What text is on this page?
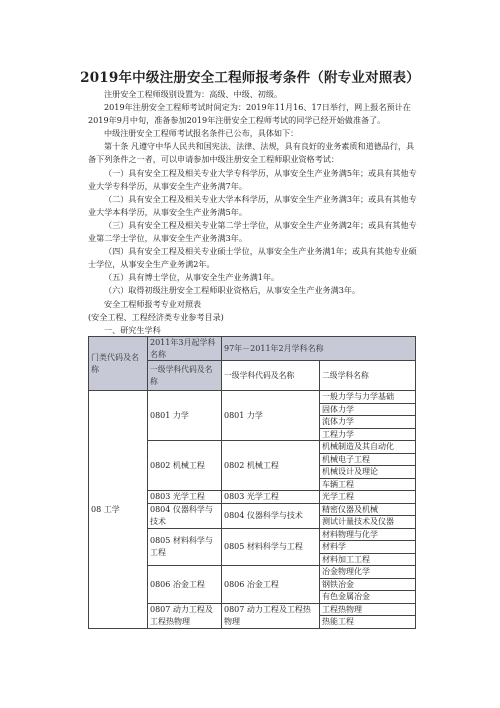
2019年中级注册安全工程师报考条件（附专业对照表）

注册安全工程师级别设置为：高级、中级、初级。

2019年注册安全工程师考试时间定为：2019年11月16、17日举行，网上报名预计在2019年9月中旬，准备参加2019年注册安全工程师考试的同学已经开始做准备了。

中级注册安全工程师考试报名条件已公布，具体如下：

第十条 凡遵守中华人民共和国宪法、法律、法规，具有良好的业务素质和道德品行，具备下列条件之一者，可以申请参加中级注册安全工程师职业资格考试：

（一）具有安全工程及相关专业大学专科学历，从事安全生产业务满5年；或具有其他专业大学专科学历，从事安全生产业务满7年。

（二）具有安全工程及相关专业大学本科学历，从事安全生产业务满3年；或具有其他专业大学本科学历，从事安全生产业务满5年。

（三）具有安全工程及相关专业第二学士学位，从事安全生产业务满2年；或具有其他专业第二学士学位，从事安全生产业务满3年。

（四）具有安全工程及相关专业硕士学位，从事安全生产业务满1年；或具有其他专业硕士学位，从事安全生产业务满2年。

（五）具有博士学位，从事安全生产业务满1年。

（六）取得初级注册安全工程师职业资格后，从事安全生产业务满3年。

安全工程师报考专业对照表

(安全工程、工程经济类专业参考目录)

一、研究生学科

门类代码及名称	2011年3月起学科名称	97年－2011年2月学科名称	
	一级学科代码及名称	一级学科代码及名称	二级学科名称
08 工学	0801 力学	0801 力学	一般力学与力学基础
			固体力学
			流体力学
			工程力学
	0802 机械工程	0802 机械工程	机械制造及其自动化
			机械电子工程
			机械设计及理论
			车辆工程
	0803 光学工程	0803 光学工程	光学工程
	0804 仪器科学与技术	0804 仪器科学与技术	精密仪器及机械
			测试计量技术及仪器
	0805 材料科学与工程	0805 材料科学与工程	材料物理与化学
			材料学
			材料加工工程
	0806 冶金工程	0806 冶金工程	冶金物理化学
			钢铁冶金
			有色金属冶金
	0807 动力工程及工程热物理	0807 动力工程及工程热物理	工程热物理
			热能工程
